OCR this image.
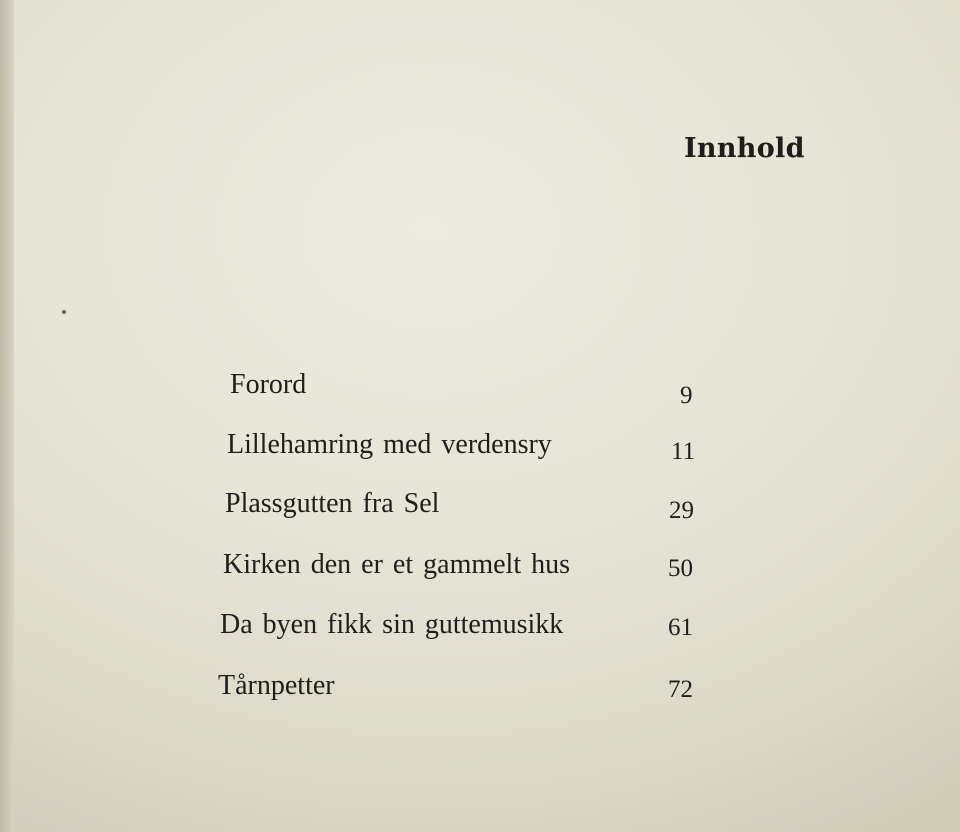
Innhold
Forord	9
Lillehamring med verdensry	11
Plassgutten fra Sel	29
Kirken den er et gammelt hus	50
Da byen fikk sin guttemusikk	61
Tårnpetter	72
